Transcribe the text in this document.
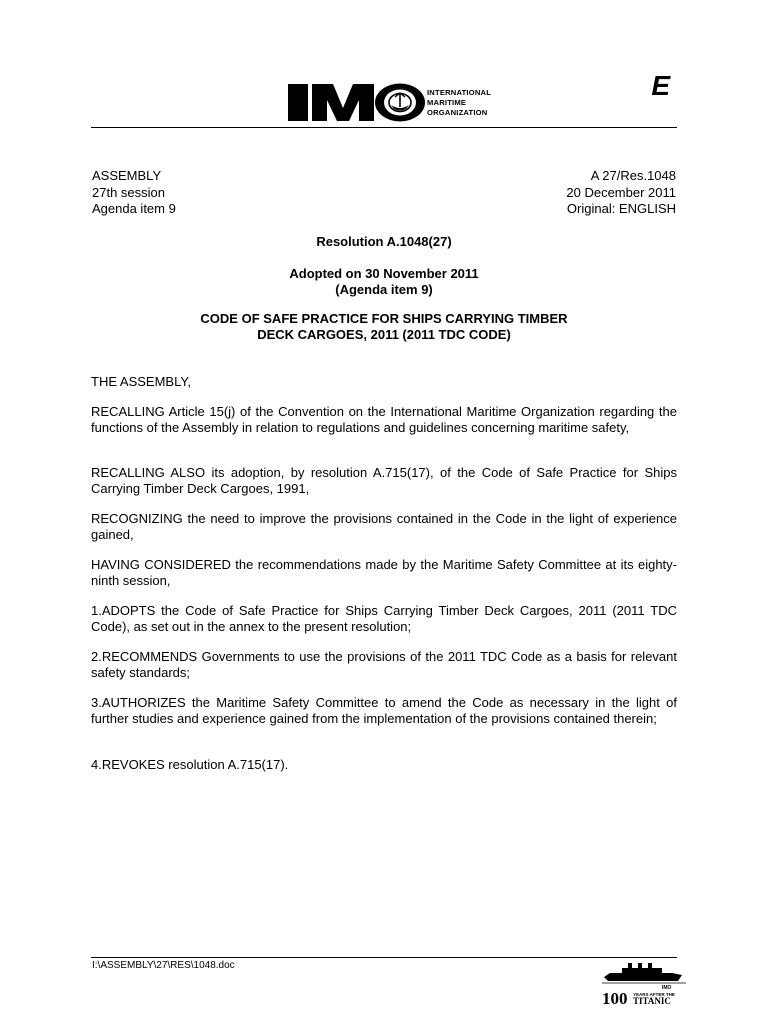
INTERNATIONAL
MARITIME
ORGANIZATION
E
ASSEMBLY
27th session
Agenda item 9
A 27/Res.1048
20 December 2011
Original: ENGLISH
Resolution A.1048(27)
Adopted on 30 November 2011
(Agenda item 9)
CODE OF SAFE PRACTICE FOR SHIPS CARRYING TIMBER
DECK CARGOES, 2011 (2011 TDC CODE)
THE ASSEMBLY,
RECALLING Article 15(j) of the Convention on the International Maritime Organization regarding the functions of the Assembly in relation to regulations and guidelines concerning maritime safety,
RECALLING ALSO its adoption, by resolution A.715(17), of the Code of Safe Practice for Ships Carrying Timber Deck Cargoes, 1991,
RECOGNIZING the need to improve the provisions contained in the Code in the light of experience gained,
HAVING CONSIDERED the recommendations made by the Maritime Safety Committee at its eighty-ninth session,
1.ADOPTS the Code of Safe Practice for Ships Carrying Timber Deck Cargoes, 2011 (2011 TDC Code), as set out in the annex to the present resolution;
2.RECOMMENDS Governments to use the provisions of the 2011 TDC Code as a basis for relevant safety standards;
3.AUTHORIZES the Maritime Safety Committee to amend the Code as necessary in the light of further studies and experience gained from the implementation of the provisions contained therein;
4.REVOKES resolution A.715(17).
I:\ASSEMBLY\27\RES\1048.doc
IMO
100 YEARS AFTER THE
TITANIC
